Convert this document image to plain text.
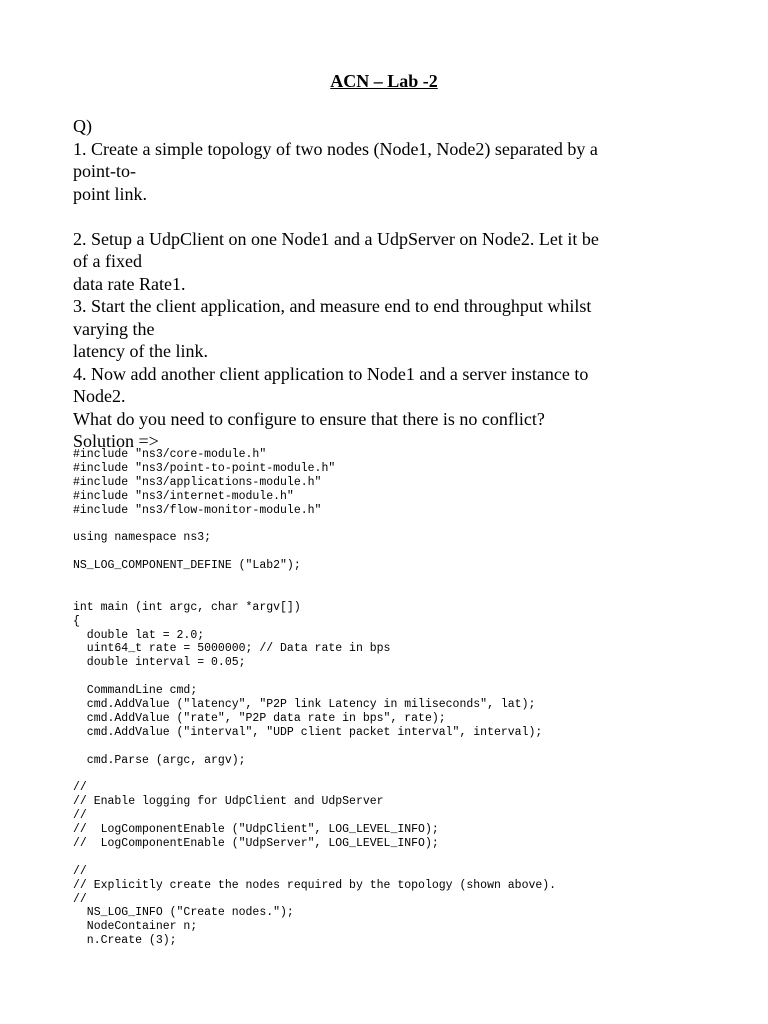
ACN – Lab -2
Q)
1. Create a simple topology of two nodes (Node1, Node2) separated by a
point-to-
point link.
2. Setup a UdpClient on one Node1 and a UdpServer on Node2. Let it be
of a fixed
data rate Rate1.
3. Start the client application, and measure end to end throughput whilst
varying the
latency of the link.
4. Now add another client application to Node1 and a server instance to
Node2.
What do you need to configure to ensure that there is no conflict?
Solution =>
#include "ns3/core-module.h"
#include "ns3/point-to-point-module.h"
#include "ns3/applications-module.h"
#include "ns3/internet-module.h"
#include "ns3/flow-monitor-module.h"
using namespace ns3;
NS_LOG_COMPONENT_DEFINE ("Lab2");
int main (int argc, char *argv[])
{
double lat = 2.0;
uint64_t rate = 5000000; // Data rate in bps
double interval = 0.05;
CommandLine cmd;
cmd.AddValue ("latency", "P2P link Latency in miliseconds", lat);
cmd.AddValue ("rate", "P2P data rate in bps", rate);
cmd.AddValue ("interval", "UDP client packet interval", interval);
cmd.Parse (argc, argv);
//
// Enable logging for UdpClient and UdpServer
//
//  LogComponentEnable ("UdpClient", LOG_LEVEL_INFO);
//  LogComponentEnable ("UdpServer", LOG_LEVEL_INFO);
//
// Explicitly create the nodes required by the topology (shown above).
//
NS_LOG_INFO ("Create nodes.");
NodeContainer n;
n.Create (3);
